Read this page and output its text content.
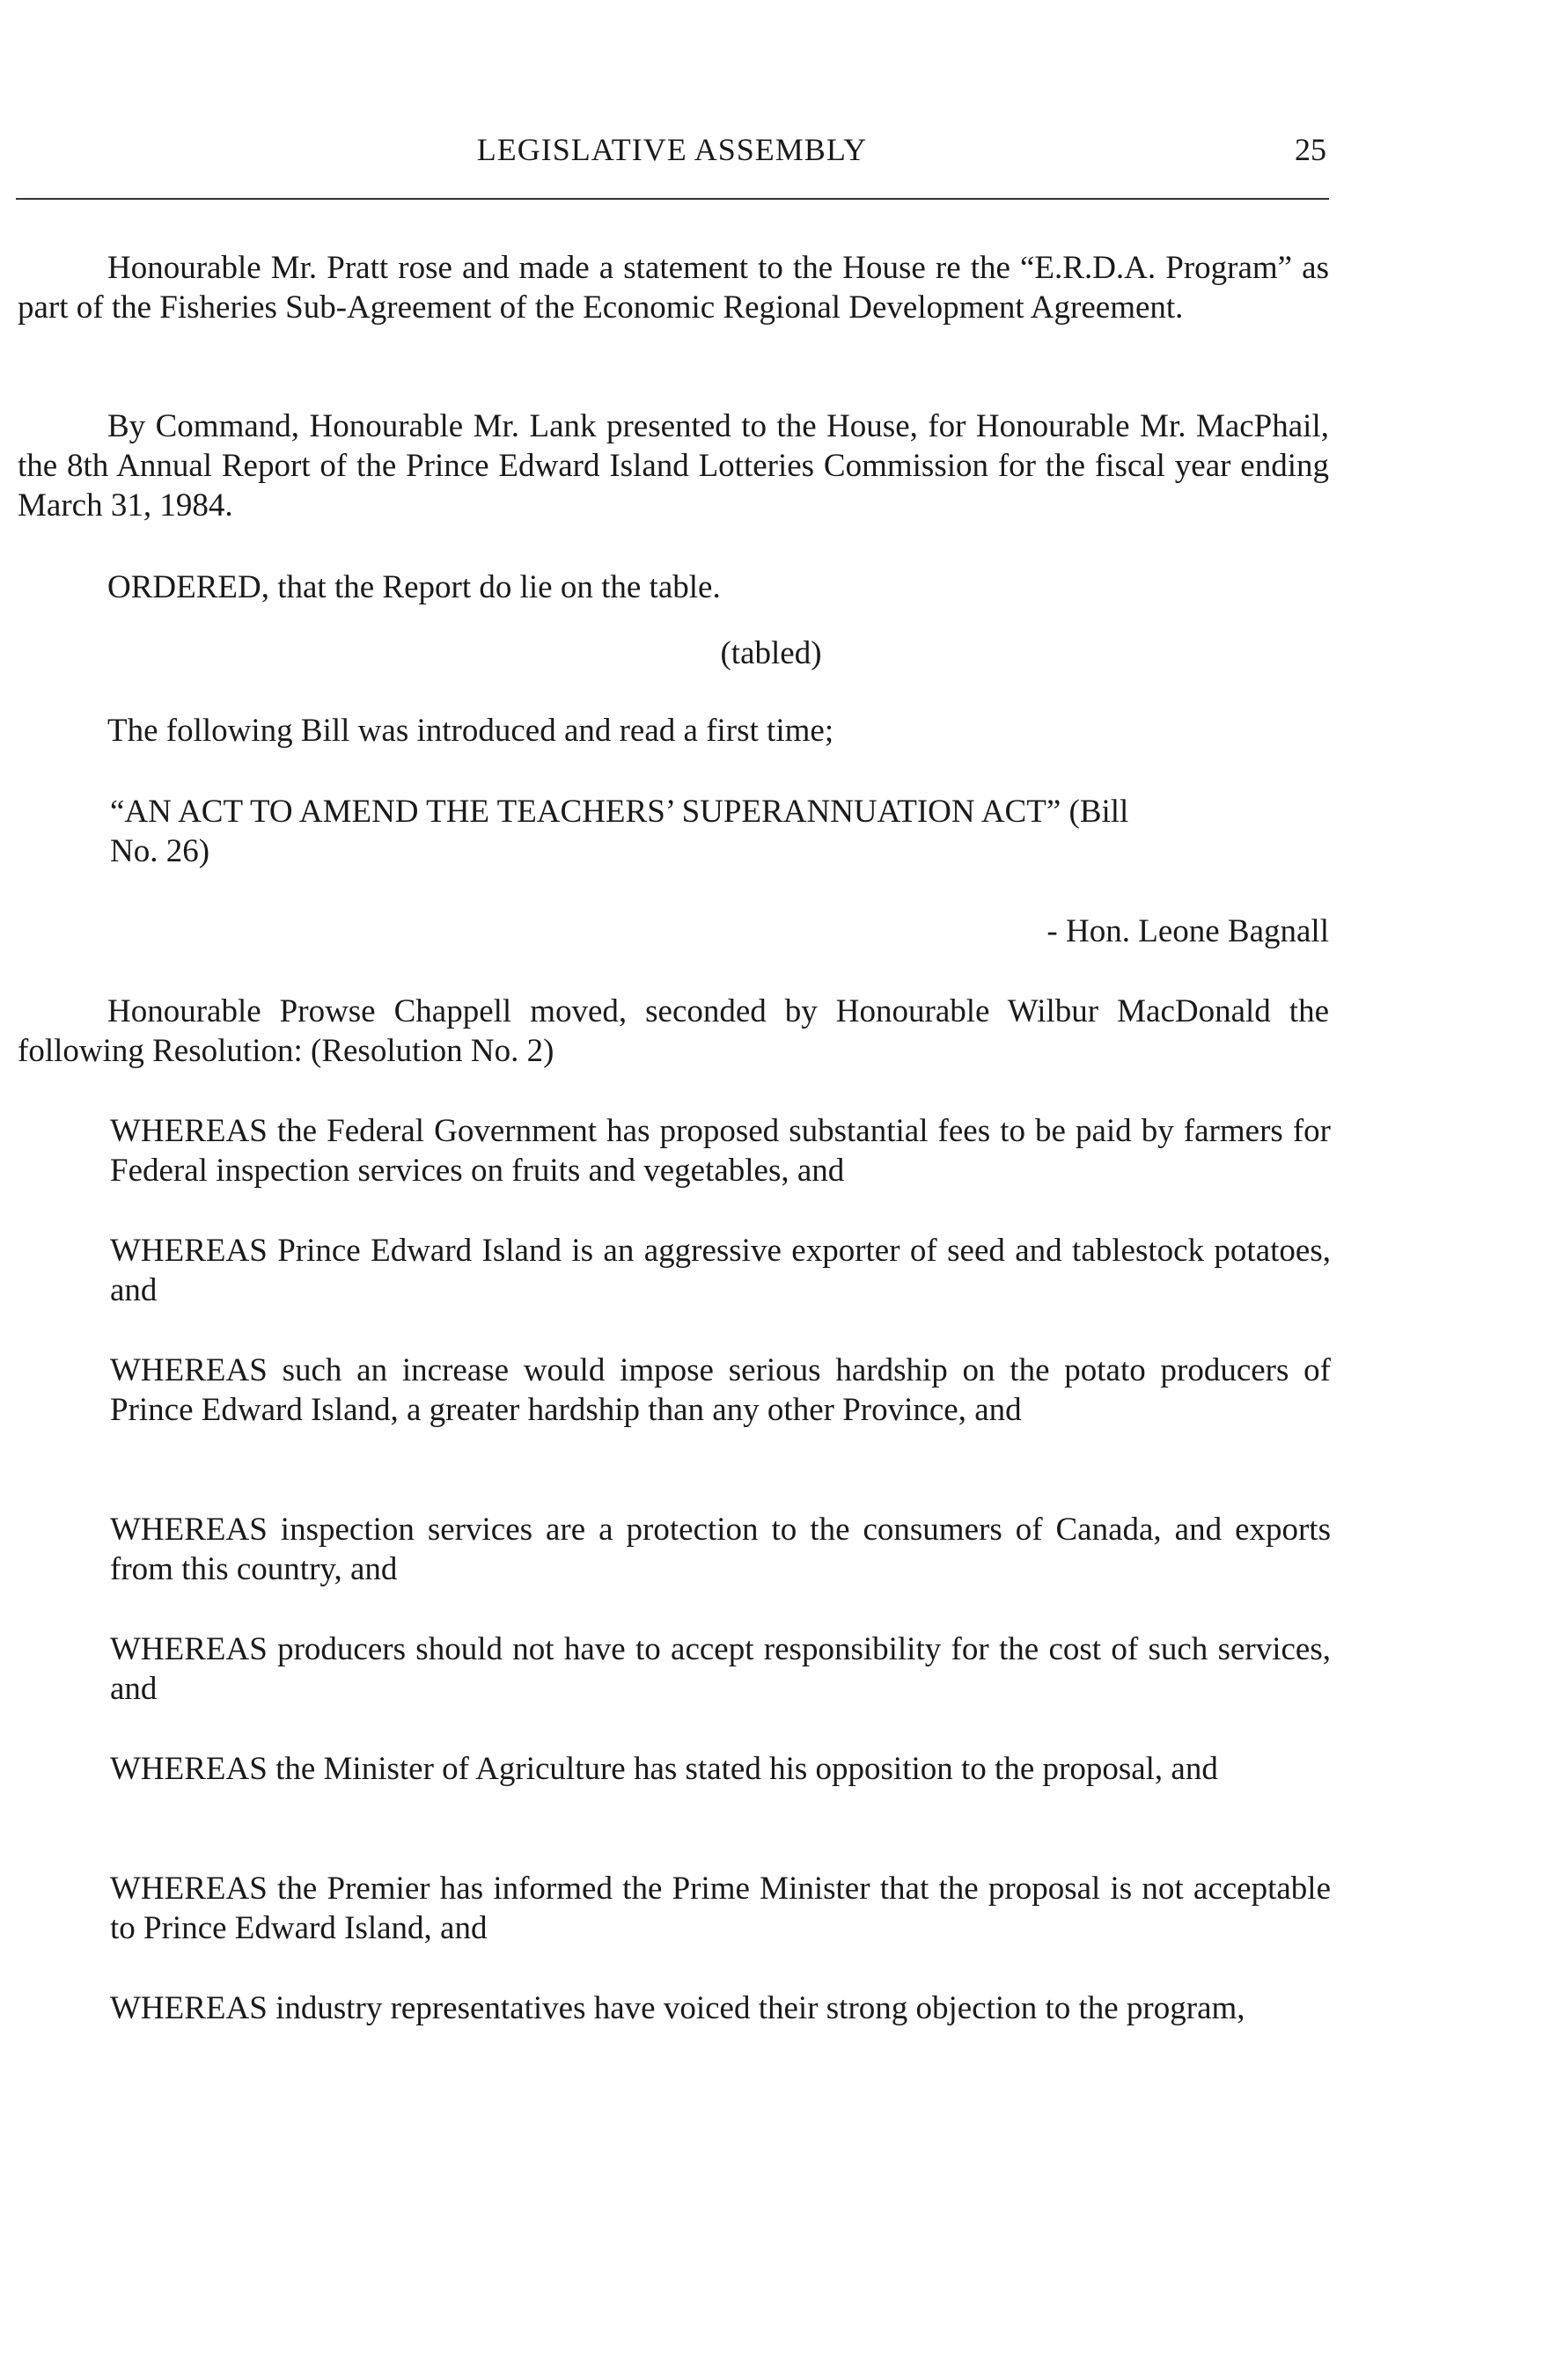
LEGISLATIVE ASSEMBLY	25

Honourable Mr. Pratt rose and made a statement to the House re the “E.R.D.A. Program” as part of the Fisheries Sub-Agreement of the Economic Regional Development Agreement.

By Command, Honourable Mr. Lank presented to the House, for Honourable Mr. MacPhail, the 8th Annual Report of the Prince Edward Island Lotteries Commission for the fiscal year ending March 31, 1984.

ORDERED, that the Report do lie on the table.

(tabled)

The following Bill was introduced and read a first time;

“AN ACT TO AMEND THE TEACHERS’ SUPERANNUATION ACT” (Bill No. 26)

- Hon. Leone Bagnall

Honourable Prowse Chappell moved, seconded by Honourable Wilbur MacDonald the following Resolution: (Resolution No. 2)

WHEREAS the Federal Government has proposed substantial fees to be paid by farmers for Federal inspection services on fruits and vegetables, and

WHEREAS Prince Edward Island is an aggressive exporter of seed and tablestock potatoes, and

WHEREAS such an increase would impose serious hardship on the potato producers of Prince Edward Island, a greater hardship than any other Province, and

WHEREAS inspection services are a protection to the consumers of Canada, and exports from this country, and

WHEREAS producers should not have to accept responsibility for the cost of such services, and

WHEREAS the Minister of Agriculture has stated his opposition to the proposal, and

WHEREAS the Premier has informed the Prime Minister that the proposal is not acceptable to Prince Edward Island, and

WHEREAS industry representatives have voiced their strong objection to the program,
